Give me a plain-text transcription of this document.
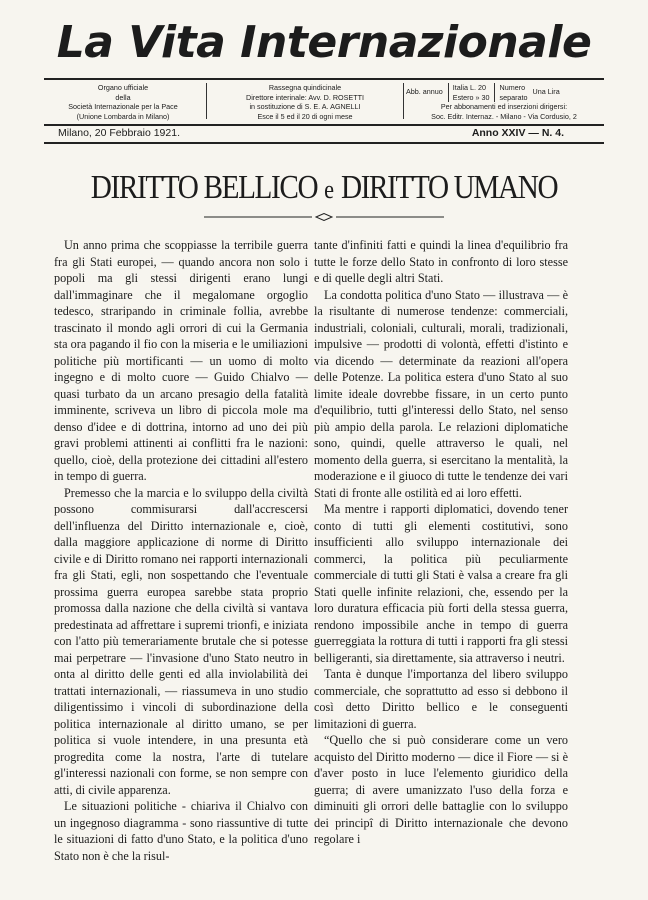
La Vita Internazionale
Organo ufficiale
della
Società Internazionale per la Pace
(Unione Lombarda in Milano)
Rassegna quindicinale
Direttore interinale: Avv. D. ROSETTI
in sostituzione di S. E. A. AGNELLI
Esce il 5 ed il 20 di ogni mese
Abb. annuo Italia L. 20
Estero » 30
Numero
separato
Una Lira
Per abbonamenti ed inserzioni dirigersi:
Soc. Editr. Internaz. - Milano - Via Cordusio, 2
Milano, 20 Febbraio 1921.	Anno XXIV — N. 4.
DIRITTO BELLICO e DIRITTO UMANO

Un anno prima che scoppiasse la terribile guerra fra gli Stati europei, — quando ancora non solo i popoli ma gli stessi dirigenti erano lungi dall'immaginare che il megalomane orgoglio tedesco, straripando in criminale follia, avrebbe trascinato il mondo agli orrori di cui la Germania sta ora pagando il fio con la miseria e le umiliazioni politiche più mortificanti — un uomo di molto ingegno e di molto cuore — Guido Chialvo — quasi turbato da un arcano presagio della fatalità imminente, scriveva un libro di piccola mole ma denso d'idee e di dottrina, intorno ad uno dei più gravi problemi attinenti ai conflitti fra le nazioni: quello, cioè, della protezione dei cittadini all'estero in tempo di guerra.

Premesso che la marcia e lo sviluppo della civiltà possono commisurarsi dall'accrescersi dell'influenza del Diritto internazionale e, cioè, dalla maggiore applicazione di norme di Diritto civile e di Diritto romano nei rapporti internazionali fra gli Stati, egli, non sospettando che l'eventuale prossima guerra europea sarebbe stata proprio promossa dalla nazione che della civiltà si vantava predestinata ad affrettare i supremi trionfi, e iniziata con l'atto più temerariamente brutale che si potesse mai perpetrare — l'invasione d'uno Stato neutro in onta al diritto delle genti ed alla inviolabilità dei trattati internazionali, — riassumeva in uno studio diligentissimo i vincoli di subordinazione della politica internazionale al diritto umano, se per politica si vuole intendere, in una presunta età progredita come la nostra, l'arte di tutelare gl'interessi nazionali con forme, se non sempre con atti, di civile apparenza.

Le situazioni politiche - chiariva il Chialvo con un ingegnoso diagramma - sono riassuntive di tutte le situazioni di fatto d'uno Stato, e la politica d'uno Stato non è che la risul-

tante d'infiniti fatti e quindi la linea d'equilibrio fra tutte le forze dello Stato in confronto di loro stesse e di quelle degli altri Stati.

La condotta politica d'uno Stato — illustrava — è la risultante di numerose tendenze: commerciali, industriali, coloniali, culturali, morali, tradizionali, impulsive — prodotti di volontà, effetti d'istinto e via dicendo — determinate da reazioni all'opera delle Potenze. La politica estera d'uno Stato al suo limite ideale dovrebbe fissare, in un certo punto d'equilibrio, tutti gl'interessi dello Stato, nel senso più ampio della parola. Le relazioni diplomatiche sono, quindi, quelle attraverso le quali, nel momento della guerra, si esercitano la mentalità, la moderazione e il giuoco di tutte le tendenze dei vari Stati di fronte alle ostilità ed ai loro effetti.

Ma mentre i rapporti diplomatici, dovendo tener conto di tutti gli elementi costitutivi, sono insufficienti allo sviluppo internazionale dei commerci, la politica più peculiarmente commerciale di tutti gli Stati è valsa a creare fra gli Stati quelle infinite relazioni, che, essendo per la loro duratura efficacia più forti della stessa guerra, rendono impossibile anche in tempo di guerra guerreggiata la rottura di tutti i rapporti fra gli stessi belligeranti, sia direttamente, sia attraverso i neutri.

Tanta è dunque l'importanza del libero sviluppo commerciale, che soprattutto ad esso si debbono il così detto Diritto bellico e le conseguenti limitazioni di guerra.

“Quello che si può considerare come un vero acquisto del Diritto moderno — dice il Fiore — si è d'aver posto in luce l'elemento giuridico della guerra; di avere umanizzato l'uso della forza e diminuiti gli orrori delle battaglie con lo sviluppo dei principî di Diritto internazionale che devono regolare i
